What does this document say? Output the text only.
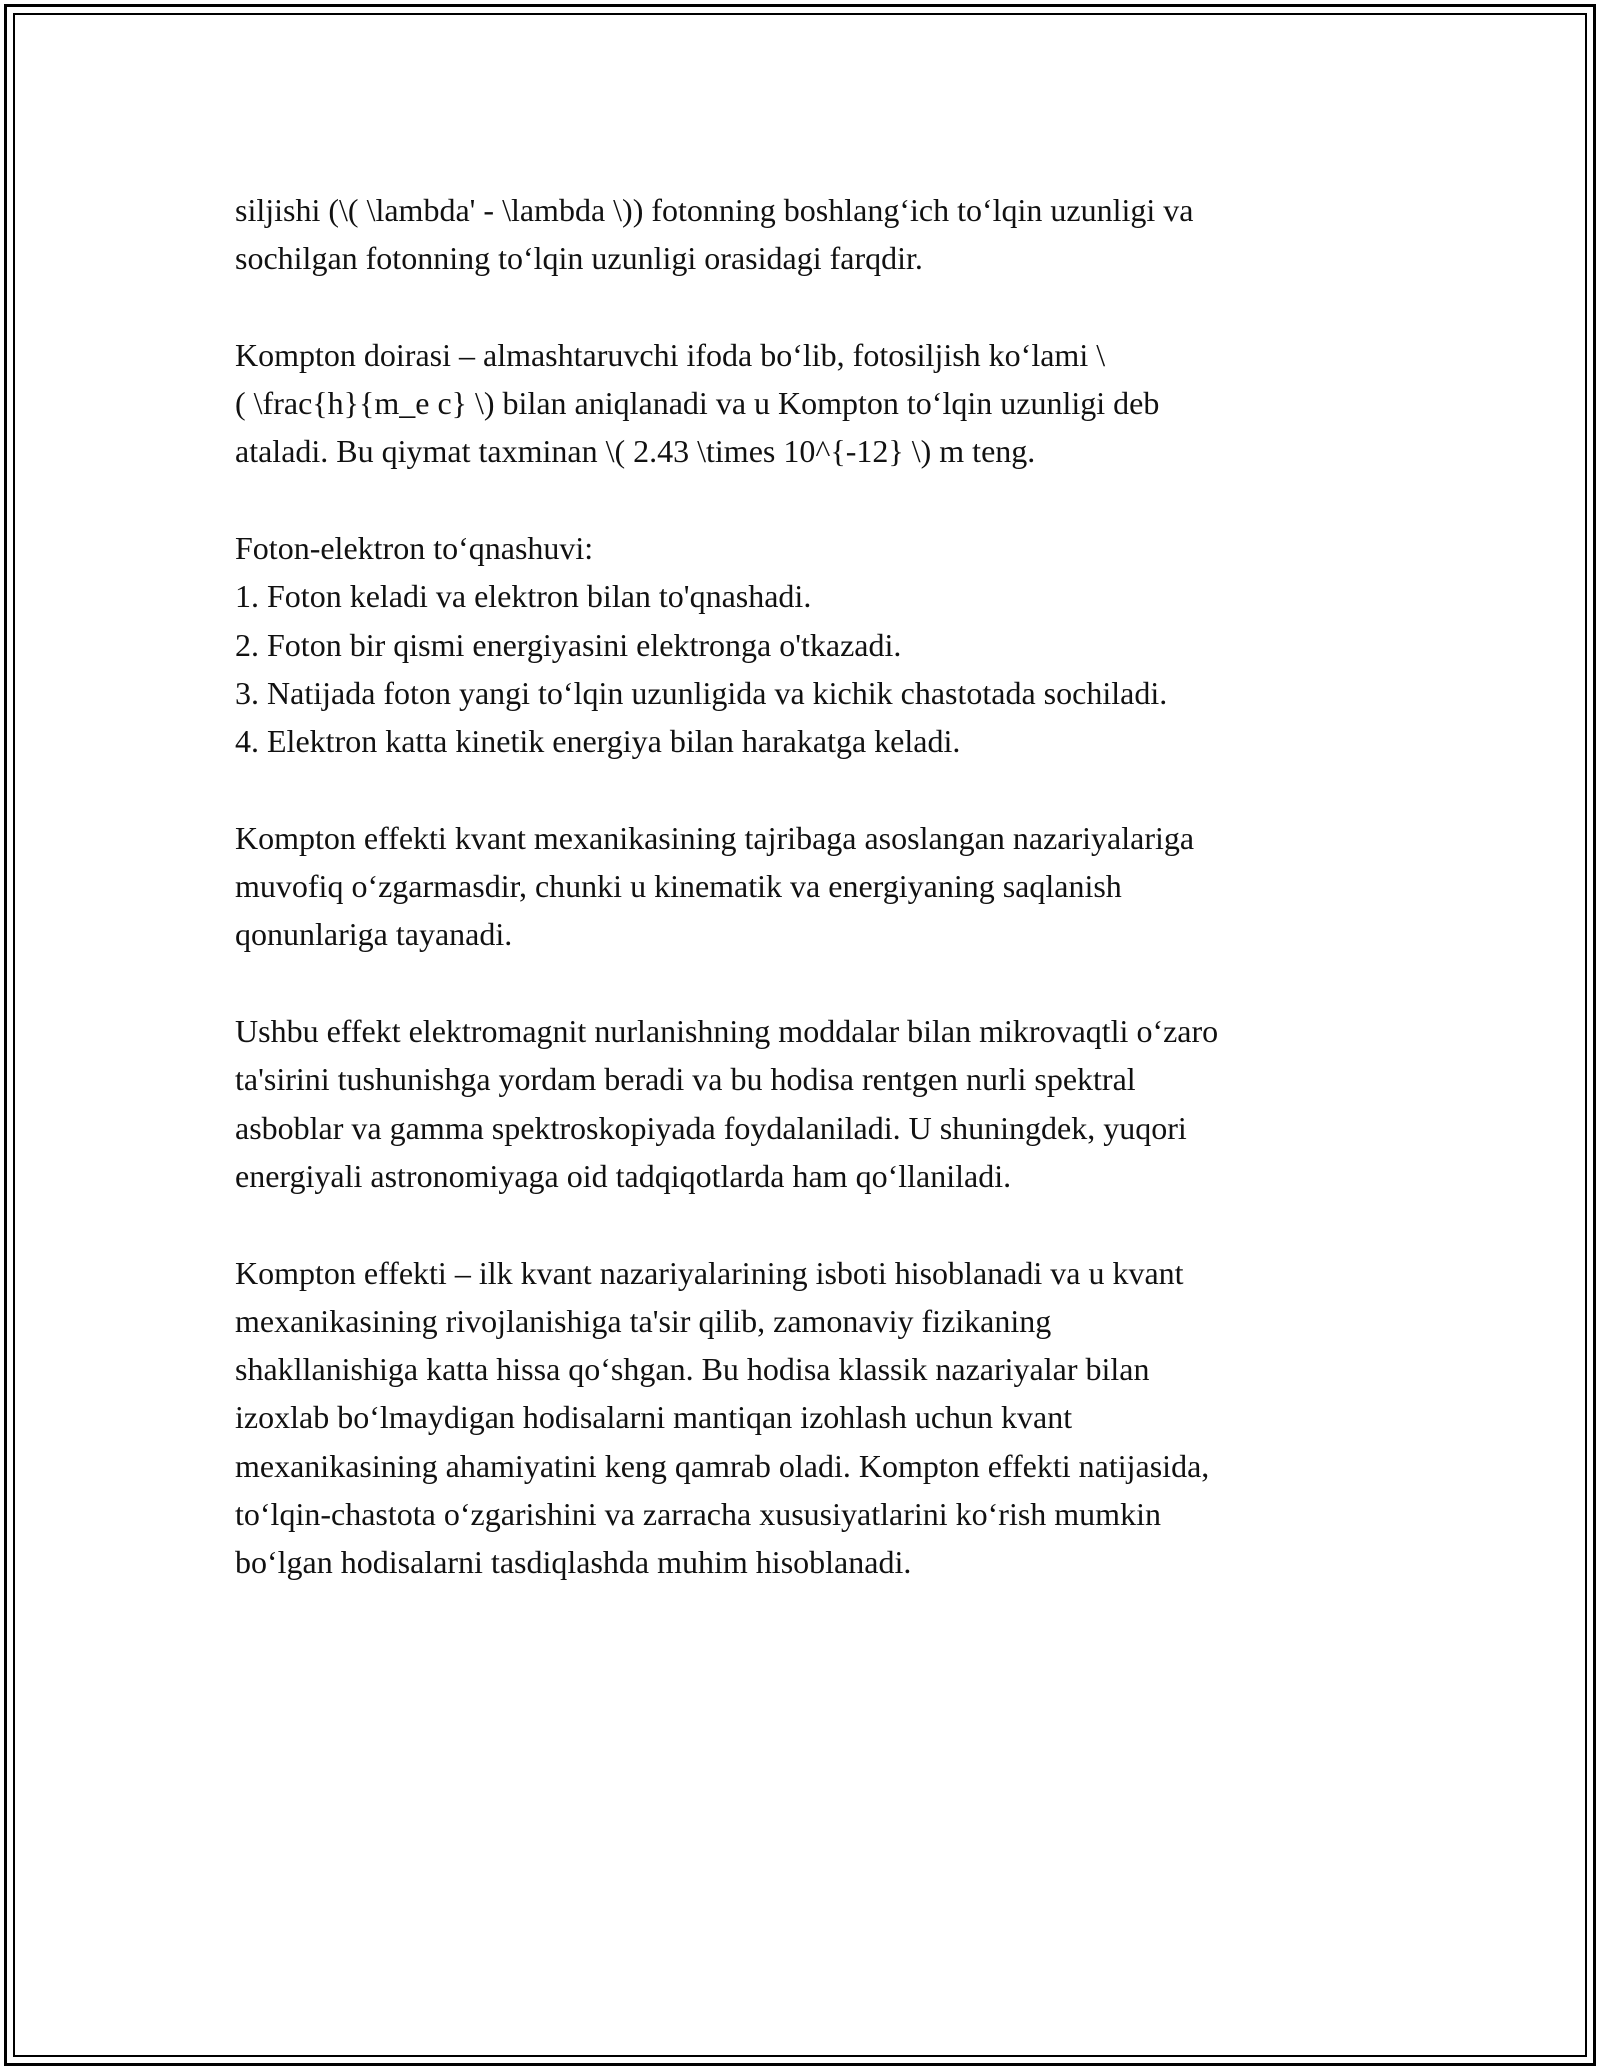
siljishi (\( \lambda' - \lambda \)) fotonning boshlang‘ich to‘lqin uzunligi va
sochilgan fotonning to‘lqin uzunligi orasidagi farqdir.

Kompton doirasi – almashtaruvchi ifoda bo‘lib, fotosiljish ko‘lami \
( \frac{h}{m_e c} \) bilan aniqlanadi va u Kompton to‘lqin uzunligi deb
ataladi. Bu qiymat taxminan \( 2.43 \times 10^{-12} \) m teng.

Foton-elektron to‘qnashuvi:
1. Foton keladi va elektron bilan to'qnashadi.
2. Foton bir qismi energiyasini elektronga o'tkazadi.
3. Natijada foton yangi to‘lqin uzunligida va kichik chastotada sochiladi.
4. Elektron katta kinetik energiya bilan harakatga keladi.

Kompton effekti kvant mexanikasining tajribaga asoslangan nazariyalariga
muvofiq o‘zgarmasdir, chunki u kinematik va energiyaning saqlanish
qonunlariga tayanadi.

Ushbu effekt elektromagnit nurlanishning moddalar bilan mikrovaqtli o‘zaro
ta'sirini tushunishga yordam beradi va bu hodisa rentgen nurli spektral
asboblar va gamma spektroskopiyada foydalaniladi. U shuningdek, yuqori
energiyali astronomiyaga oid tadqiqotlarda ham qo‘llaniladi.

Kompton effekti – ilk kvant nazariyalarining isboti hisoblanadi va u kvant
mexanikasining rivojlanishiga ta'sir qilib, zamonaviy fizikaning
shakllanishiga katta hissa qo‘shgan. Bu hodisa klassik nazariyalar bilan
izoxlab bo‘lmaydigan hodisalarni mantiqan izohlash uchun kvant
mexanikasining ahamiyatini keng qamrab oladi. Kompton effekti natijasida,
to‘lqin-chastota o‘zgarishini va zarracha xususiyatlarini ko‘rish mumkin
bo‘lgan hodisalarni tasdiqlashda muhim hisoblanadi.
